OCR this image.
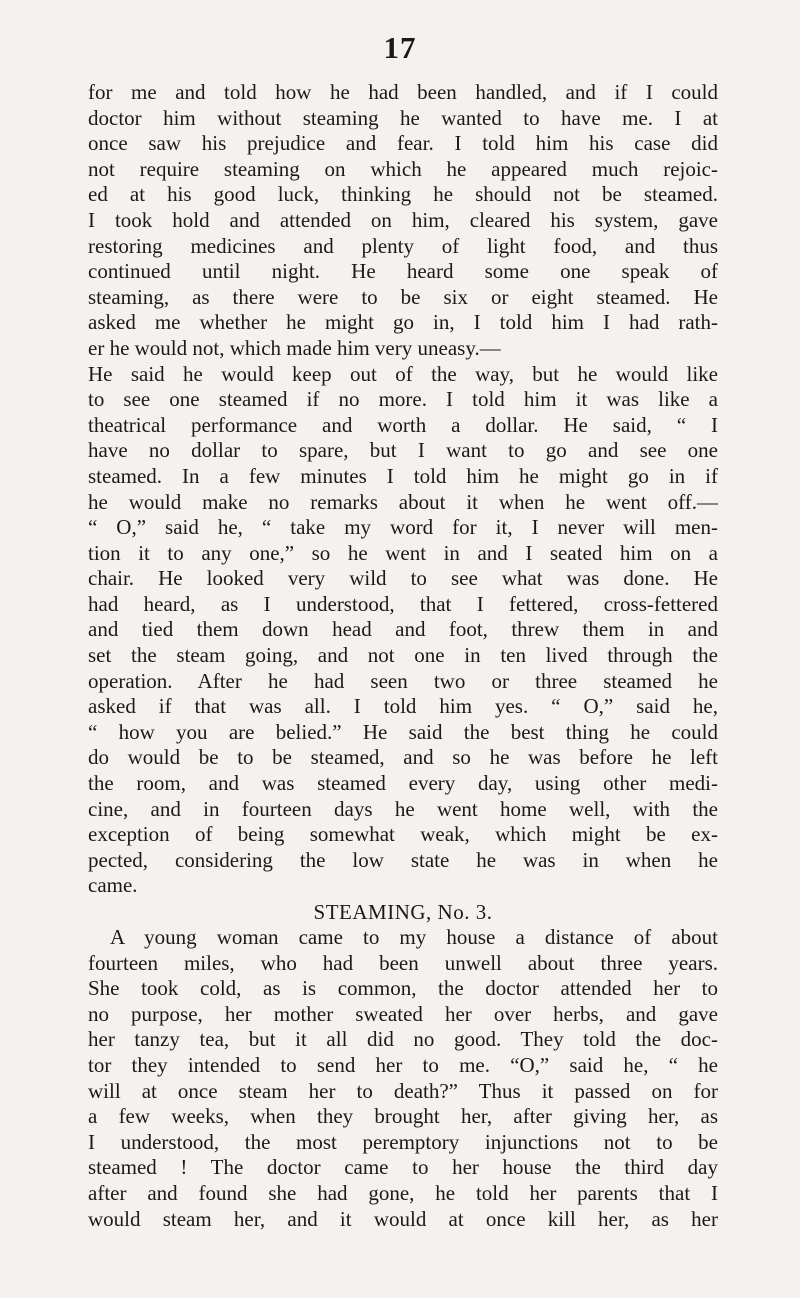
17
for me and told how he had been handled, and if I could
doctor him without steaming he wanted to have me. I at
once saw his prejudice and fear. I told him his case did
not require steaming on which he appeared much rejoic-
ed at his good luck, thinking he should not be steamed.
I took hold and attended on him, cleared his system, gave
restoring medicines and plenty of light food, and thus
continued until night. He heard some one speak of
steaming, as there were to be six or eight steamed. He
asked me whether he might go in, I told him I had rath-
er he would not, which made him very uneasy.—
He said he would keep out of the way, but he would like
to see one steamed if no more. I told him it was like a
theatrical performance and worth a dollar. He said, “ I
have no dollar to spare, but I want to go and see one
steamed. In a few minutes I told him he might go in if
he would make no remarks about it when he went off.—
“ O,” said he, “ take my word for it, I never will men-
tion it to any one,” so he went in and I seated him on a
chair. He looked very wild to see what was done. He
had heard, as I understood, that I fettered, cross-fettered
and tied them down head and foot, threw them in and
set the steam going, and not one in ten lived through the
operation. After he had seen two or three steamed he
asked if that was all. I told him yes. “ O,” said he,
“ how you are belied.” He said the best thing he could
do would be to be steamed, and so he was before he left
the room, and was steamed every day, using other medi-
cine, and in fourteen days he went home well, with the
exception of being somewhat weak, which might be ex-
pected, considering the low state he was in when he
came.
STEAMING, No. 3.
A young woman came to my house a distance of about
fourteen miles, who had been unwell about three years.
She took cold, as is common, the doctor attended her to
no purpose, her mother sweated her over herbs, and gave
her tanzy tea, but it all did no good. They told the doc-
tor they intended to send her to me. “O,” said he, “ he
will at once steam her to death?” Thus it passed on for
a few weeks, when they brought her, after giving her, as
I understood, the most peremptory injunctions not to be
steamed ! The doctor came to her house the third day
after and found she had gone, he told her parents that I
would steam her, and it would at once kill her, as her
